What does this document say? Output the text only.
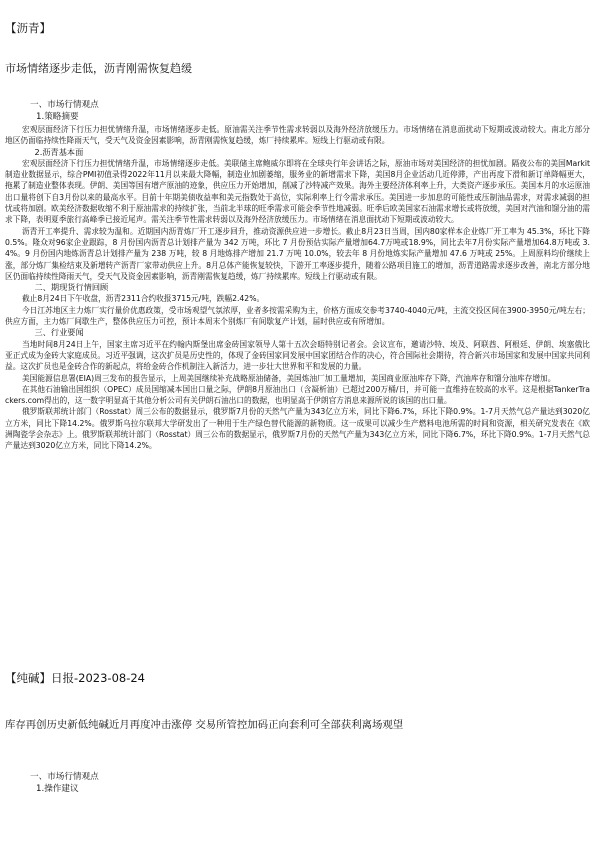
【沥青】
市场情绪逐步走低，沥青刚需恢复趋缓
一、市场行情观点
1.策略摘要

宏观层面经济下行压力担忧情绪升温，市场情绪逐步走低。原油需关注季节性需求转弱以及海外经济放缓压力。市场情绪在消息面扰动下短期或波动较大。南北方部分地区仍面临持续性降雨天气，受天气及资金因素影响，沥青刚需恢复趋缓，炼厂持续累库。短线上行驱动或有限。

2.沥青基本面

宏观层面经济下行压力担忧情绪升温，市场情绪逐步走低。美联储主席鲍威尔即将在全球央行年会讲话之际，原油市场对美国经济的担忧加剧。隔夜公布的美国Markit制造业数据显示，综合PMI初值录得2022年11月以来最大降幅，制造业加剧萎缩，服务业的新增需求下降，美国8月企业活动几近停滞，产出再度下滑和新订单降幅更大，拖累了制造业整体表现。伊朗、美国等国有增产原油的迹象，供应压力开始增加，削减了沙特减产效果。海外主要经济体利率上升，大类资产逐步承压。美国本月的水运原油出口量将创下自3月份以来的最高水平。目前十年期美债收益率和美元指数处于高位，实际利率上行令需求承压。美国进一步加息的可能性或压制油品需求，对需求减弱的担忧或将加剧。欧美经济数据收缩不利于原油需求的持续扩张，当前北半球的旺季需求可能会季节性地减弱。旺季后欧美国家石油需求增长或将放缓，美国对汽油和馏分油的需求下降，表明夏季旅行高峰季已接近尾声。需关注季节性需求转弱以及海外经济放缓压力。市场情绪在消息面扰动下短期或波动较大。

沥青开工率提升、需求较为温和。近期国内沥青炼厂开工逐步回升，推动资源供应进一步增长。截止8月23日当周，国内80家样本企业炼厂开工率为 45.3%，环比下降 0.5%。隆众对96家企业跟踪，8 月份国内沥青总计划排产量为 342 万吨，环比 7 月份预估实际产量增加64.7万吨或18.9%，同比去年7月份实际产量增加64.8万吨或 3.4%。9 月份国内地炼沥青总计划排产量为 238 万吨，较 8 月地炼排产增加 21.7 万吨 10.0%，较去年 8 月份地炼实际产量增加 47.6 万吨或 25%。上周原料均价继续上涨，部分炼厂集检结束及新增转产沥青厂家带动供应上升。8月总体产能恢复较快，下游开工率逐步提升，随着公路项目施工的增加，沥青道路需求逐步改善，南北方部分地区仍面临持续性降雨天气，受天气及资金因素影响，沥青刚需恢复趋缓，炼厂持续累库。短线上行驱动或有限。

二、期现货行情回顾

截止8月24日下午收盘，沥青2311合约收报3715元/吨，跌幅2.42%。

今日江苏地区主力炼厂实行量价优惠政策，受市场观望气氛浓厚，业者多按需采购为主，价格方面成交参考3740-4040元/吨，主流交投区间在3900-3950元/吨左右；供应方面，主力炼厂间歇生产，整体供应压力可控，预计本周末个别炼厂有间歇复产计划，届时供应或有所增加。

三、行业要闻

当地时间8月24日上午，国家主席习近平在约翰内斯堡出席金砖国家领导人第十五次会晤特别记者会。会议宣布，邀请沙特、埃及、阿联酋、阿根廷、伊朗、埃塞俄比亚正式成为金砖大家庭成员。习近平强调，这次扩员是历史性的，体现了金砖国家同发展中国家团结合作的决心，符合国际社会期待，符合新兴市场国家和发展中国家共同利益。这次扩员也是金砖合作的新起点，将给金砖合作机制注入新活力，进一步壮大世界和平和发展的力量。

美国能源信息署(EIA)周三发布的报告显示，上周美国继续补充战略原油储备，美国炼油厂加工量增加，美国商业原油库存下降，汽油库存和馏分油库存增加。

在其他石油输出国组织（OPEC）成员国缩减本国出口量之际，伊朗8月原油出口（含凝析油）已超过200万桶/日，并可能一直维持在较高的水平。这是根据TankerTrackers.com得出的，这一数字明显高于其他分析公司有关伊朗石油出口的数据，也明显高于伊朗官方消息来源所说的该国的出口量。

俄罗斯联邦统计部门（Rosstat）周三公布的数据显示，俄罗斯7月份的天然气产量为343亿立方米，同比下降6.7%，环比下降0.9%。1-7月天然气总产量达到3020亿立方米，同比下降14.2%。俄罗斯乌拉尔联邦大学研发出了一种用于生产绿色替代能源的新物质。这一成果可以减少生产燃料电池所需的时间和资源，相关研究发表在《欧洲陶瓷学会杂志》上。俄罗斯联邦统计部门（Rosstat）周三公布的数据显示，俄罗斯7月份的天然气产量为343亿立方米，同比下降6.7%，环比下降0.9%。1-7月天然气总产量达到3020亿立方米，同比下降14.2%。

【纯碱】日报-2023-08-24
库存再创历史新低纯碱近月再度冲击涨停 交易所管控加码正向套利可全部获利离场观望
一、市场行情观点
1.操作建议
